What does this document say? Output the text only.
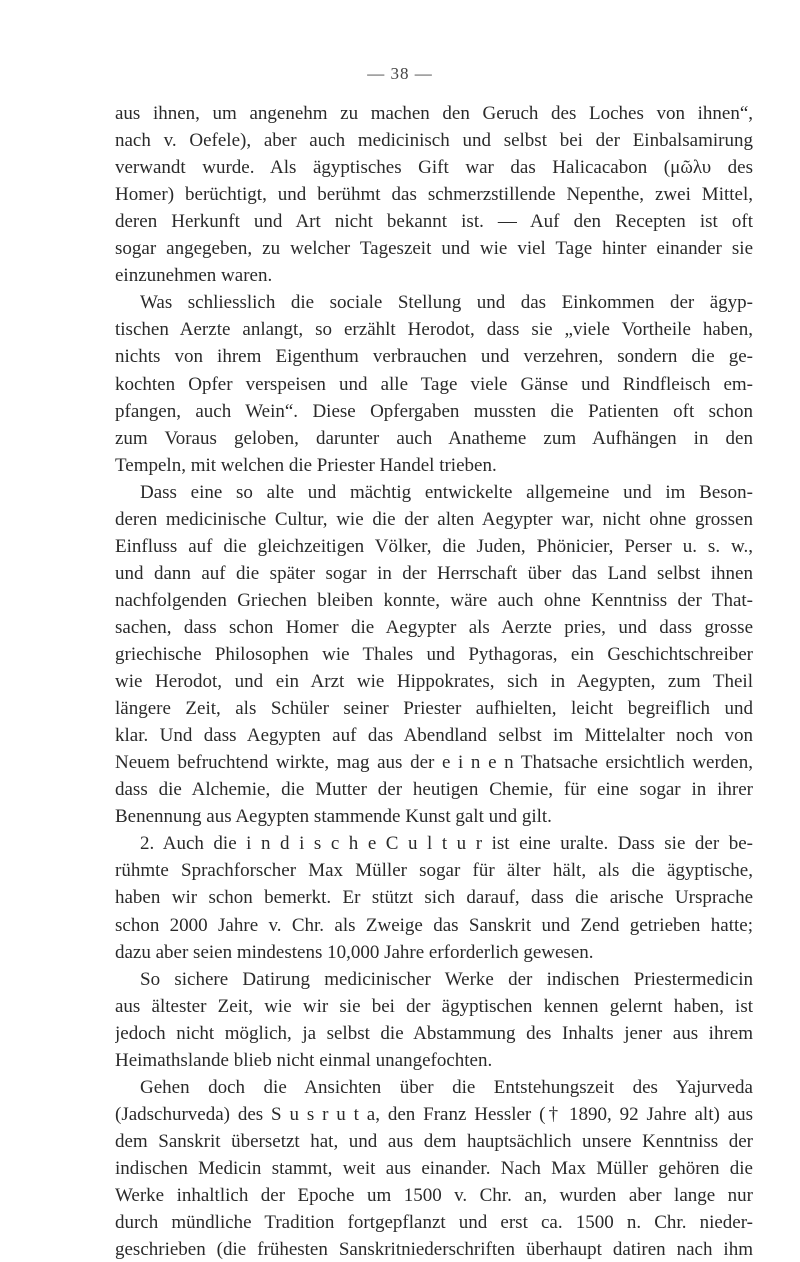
— 38 —
aus ihnen, um angenehm zu machen den Geruch des Loches von ihnen“,
nach v. Oefele), aber auch medicinisch und selbst bei der Einbalsamirung
verwandt wurde. Als ägyptisches Gift war das Halicacabon (μῶλυ des
Homer) berüchtigt, und berühmt das schmerzstillende Nepenthe, zwei Mittel,
deren Herkunft und Art nicht bekannt ist. — Auf den Recepten ist oft
sogar angegeben, zu welcher Tageszeit und wie viel Tage hinter einander sie
einzunehmen waren.
Was schliesslich die sociale Stellung und das Einkommen der ägyp-
tischen Aerzte anlangt, so erzählt Herodot, dass sie „viele Vortheile haben,
nichts von ihrem Eigenthum verbrauchen und verzehren, sondern die ge-
kochten Opfer verspeisen und alle Tage viele Gänse und Rindfleisch em-
pfangen, auch Wein“. Diese Opfergaben mussten die Patienten oft schon
zum Voraus geloben, darunter auch Anatheme zum Aufhängen in den
Tempeln, mit welchen die Priester Handel trieben.
Dass eine so alte und mächtig entwickelte allgemeine und im Beson-
deren medicinische Cultur, wie die der alten Aegypter war, nicht ohne grossen
Einfluss auf die gleichzeitigen Völker, die Juden, Phönicier, Perser u. s. w.,
und dann auf die später sogar in der Herrschaft über das Land selbst ihnen
nachfolgenden Griechen bleiben konnte, wäre auch ohne Kenntniss der That-
sachen, dass schon Homer die Aegypter als Aerzte pries, und dass grosse
griechische Philosophen wie Thales und Pythagoras, ein Geschichtschreiber
wie Herodot, und ein Arzt wie Hippokrates, sich in Aegypten, zum Theil
längere Zeit, als Schüler seiner Priester aufhielten, leicht begreiflich und
klar. Und dass Aegypten auf das Abendland selbst im Mittelalter noch von
Neuem befruchtend wirkte, mag aus der e i n e n Thatsache ersichtlich werden,
dass die Alchemie, die Mutter der heutigen Chemie, für eine sogar in ihrer
Benennung aus Aegypten stammende Kunst galt und gilt.
2. Auch die i n d i s c h e C u l t u r ist eine uralte. Dass sie der be-
rühmte Sprachforscher Max Müller sogar für älter hält, als die ägyptische,
haben wir schon bemerkt. Er stützt sich darauf, dass die arische Ursprache
schon 2000 Jahre v. Chr. als Zweige das Sanskrit und Zend getrieben hatte;
dazu aber seien mindestens 10,000 Jahre erforderlich gewesen.
So sichere Datirung medicinischer Werke der indischen Priestermedicin
aus ältester Zeit, wie wir sie bei der ägyptischen kennen gelernt haben, ist
jedoch nicht möglich, ja selbst die Abstammung des Inhalts jener aus ihrem
Heimathslande blieb nicht einmal unangefochten.
Gehen doch die Ansichten über die Entstehungszeit des Yajurveda
(Jadschurveda) des S u s r u t a, den Franz Hessler († 1890, 92 Jahre alt) aus
dem Sanskrit übersetzt hat, und aus dem hauptsächlich unsere Kenntniss der
indischen Medicin stammt, weit aus einander. Nach Max Müller gehören die
Werke inhaltlich der Epoche um 1500 v. Chr. an, wurden aber lange nur
durch mündliche Tradition fortgepflanzt und erst ca. 1500 n. Chr. nieder-
geschrieben (die frühesten Sanskritniederschriften überhaupt datiren nach ihm
